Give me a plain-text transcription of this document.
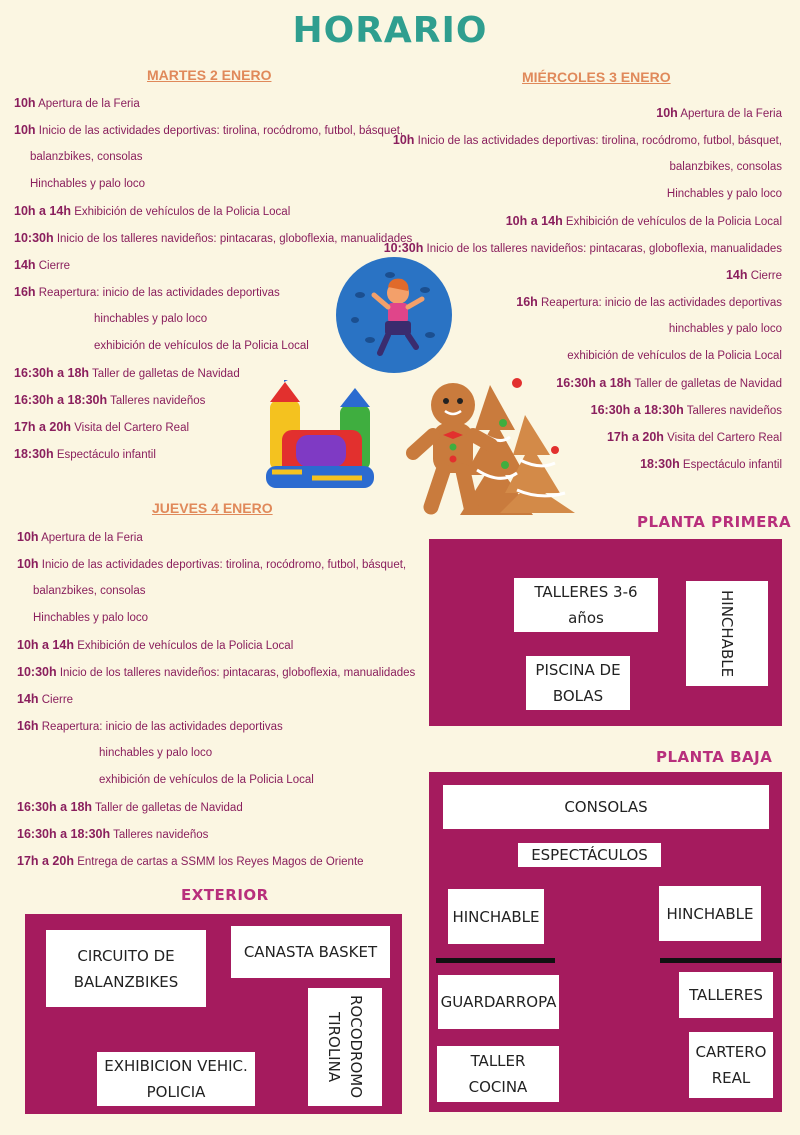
HORARIO
MARTES 2 ENERO
10h Apertura de la Feria
10h Inicio de las actividades deportivas: tirolina, rocódromo, futbol, básquet,
balanzbikes, consolas
Hinchables y palo loco
10h a 14h Exhibición de vehículos de la Policia Local
10:30h Inicio de los talleres navideños: pintacaras, globoflexia, manualidades
14h Cierre
16h Reapertura: inicio de las actividades deportivas
hinchables y palo loco
exhibición de vehículos de la Policia Local
16:30h a 18h Taller de galletas de Navidad
16:30h a 18:30h Talleres navideños
17h a 20h Visita del Cartero Real
18:30h Espectáculo infantil
MIÉRCOLES 3 ENERO
10h Apertura de la Feria
10h Inicio de las actividades deportivas: tirolina, rocódromo, futbol, básquet,
balanzbikes, consolas
Hinchables y palo loco
10h a 14h Exhibición de vehículos de la Policia Local
10:30h Inicio de los talleres navideños: pintacaras, globoflexia, manualidades
14h Cierre
16h Reapertura: inicio de las actividades deportivas
hinchables y palo loco
exhibición de vehículos de la Policia Local
16:30h a 18h Taller de galletas de Navidad
16:30h a 18:30h Talleres navideños
17h a 20h Visita del Cartero Real
18:30h Espectáculo infantil
JUEVES 4 ENERO
10h Apertura de la Feria
10h Inicio de las actividades deportivas: tirolina, rocódromo, futbol, básquet,
balanzbikes, consolas
Hinchables y palo loco
10h a 14h Exhibición de vehículos de la Policia Local
10:30h Inicio de los talleres navideños: pintacaras, globoflexia, manualidades
14h Cierre
16h Reapertura: inicio de las actividades deportivas
hinchables y palo loco
exhibición de vehículos de la Policia Local
16:30h a 18h Taller de galletas de Navidad
16:30h a 18:30h Talleres navideños
17h a 20h Entrega de cartas a SSMM los Reyes Magos de Oriente
PLANTA PRIMERA
TALLERES 3-6 años
PISCINA DE BOLAS
HINCHABLE
PLANTA BAJA
CONSOLAS
ESPECTÁCULOS
HINCHABLE	HINCHABLE
GUARDARROPA	TALLERES
TALLER COCINA
CARTERO REAL
EXTERIOR
CIRCUITO DE BALANZBIKES
CANASTA BASKET
ROCODROMO TIROLINA
EXHIBICION VEHIC. POLICIA
